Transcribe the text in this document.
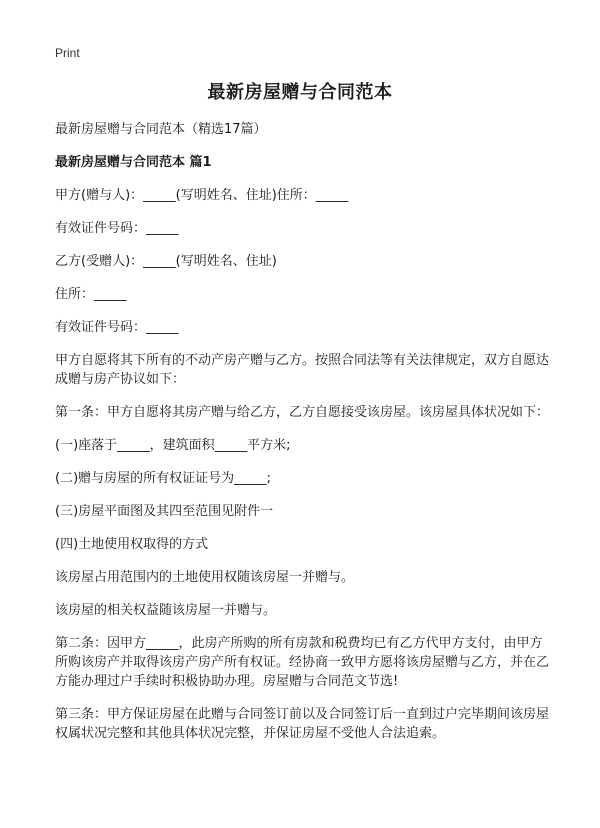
Print
最新房屋赠与合同范本

最新房屋赠与合同范本（精选17篇）

最新房屋赠与合同范本 篇1

甲方(赠与人)：_____(写明姓名、住址)住所：_____

有效证件号码：_____

乙方(受赠人)：_____(写明姓名、住址)

住所：_____

有效证件号码：_____

甲方自愿将其下所有的不动产房产赠与乙方。按照合同法等有关法律规定，双方自愿达成赠与房产协议如下：

第一条：甲方自愿将其房产赠与给乙方，乙方自愿接受该房屋。该房屋具体状况如下：

(一)座落于_____，建筑面积_____平方米;

(二)赠与房屋的所有权证证号为_____;

(三)房屋平面图及其四至范围见附件一

(四)土地使用权取得的方式

该房屋占用范围内的土地使用权随该房屋一并赠与。

该房屋的相关权益随该房屋一并赠与。

第二条：因甲方_____，此房产所购的所有房款和税费均已有乙方代甲方支付，由甲方所购该房产并取得该房产房产所有权证。经协商一致甲方愿将该房屋赠与乙方，并在乙方能办理过户手续时积极协助办理。房屋赠与合同范文节选!

第三条：甲方保证房屋在此赠与合同签订前以及合同签订后一直到过户完毕期间该房屋权属状况完整和其他具体状况完整，并保证房屋不受他人合法追索。
